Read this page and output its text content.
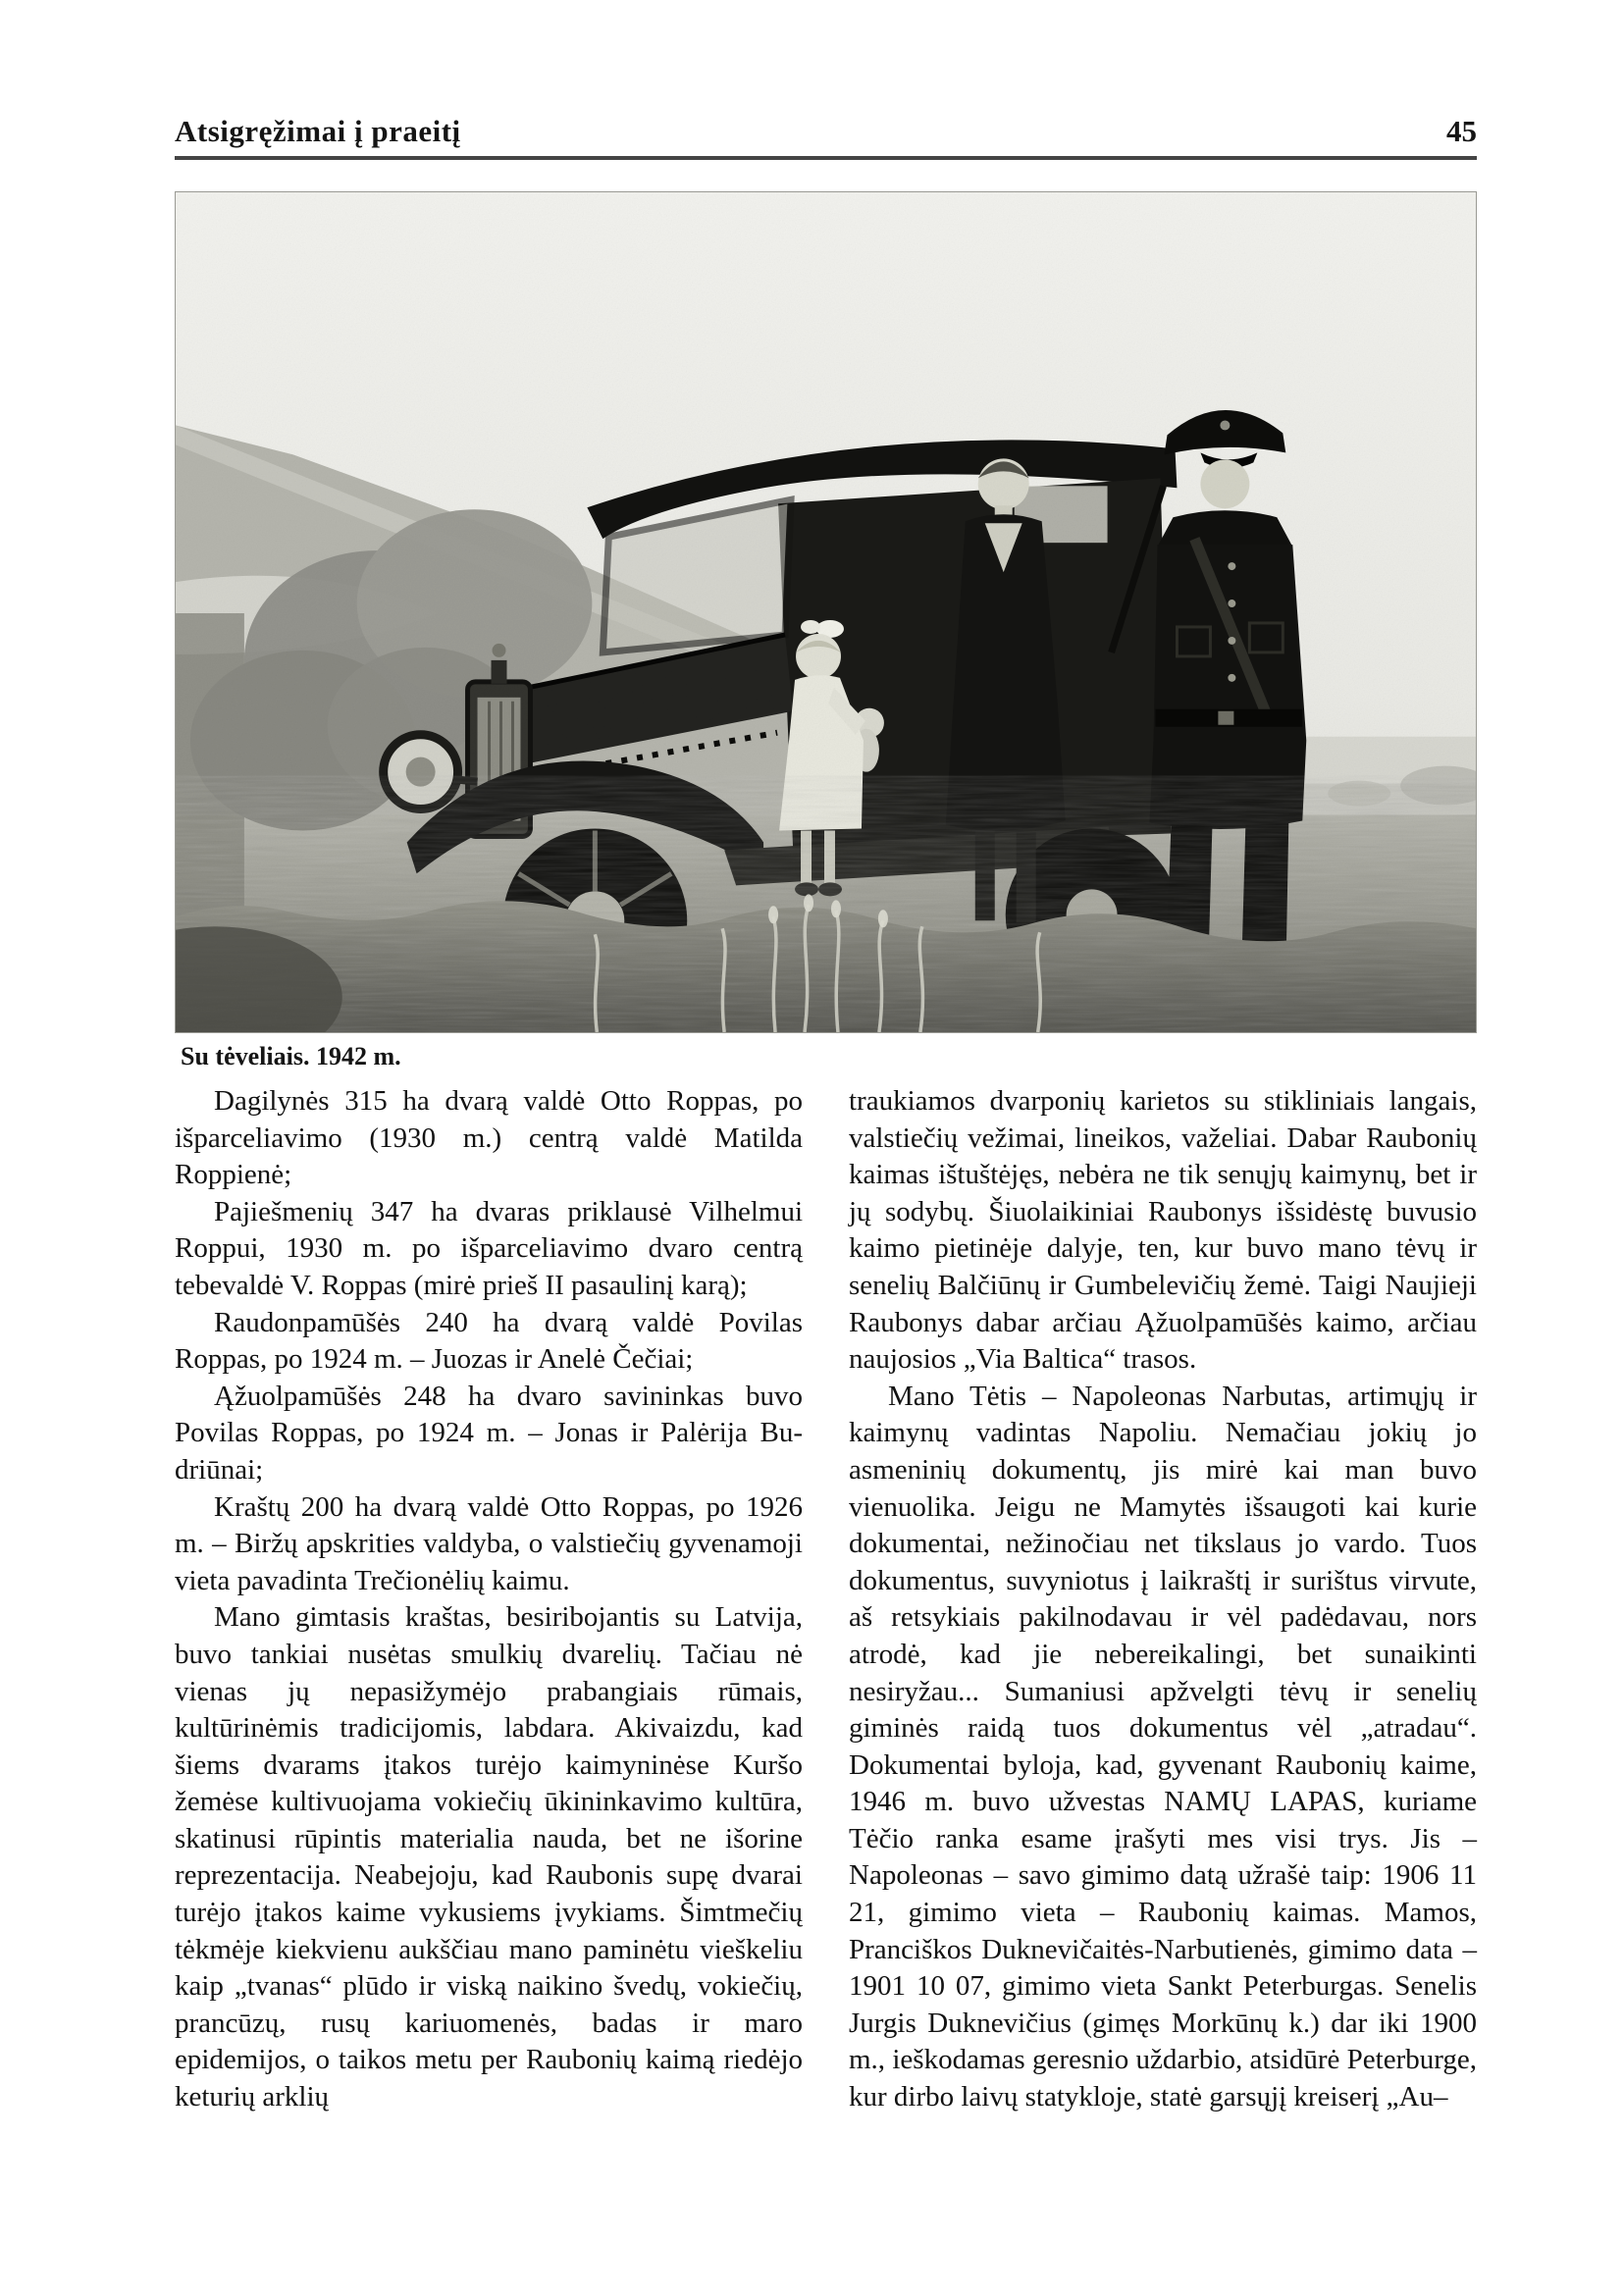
Atsigręžimai į praeitį	45
Su tėveliais. 1942 m.

Dagilynės 315 ha dvarą valdė Otto Roppas, po išparceliavimo (1930 m.) centrą valdė Matilda Roppienė;

Pajiešmenių 347 ha dvaras priklausė Vilhelmui Roppui, 1930 m. po išparceliavimo dvaro centrą tebevaldė V. Roppas (mirė prieš II pasaulinį karą);

Raudonpamūšės 240 ha dvarą valdė Povilas Roppas, po 1924 m. – Juozas ir Anelė Čečiai;

Ąžuolpamūšės 248 ha dvaro savininkas buvo Povilas Roppas, po 1924 m. – Jonas ir Palėrija Bu-driūnai;

Kraštų 200 ha dvarą valdė Otto Roppas, po 1926 m. – Biržų apskrities valdyba, o valstiečių gyvenamoji vieta pavadinta Trečionėlių kaimu.

Mano gimtasis kraštas, besiribojantis su Latvija, buvo tankiai nusėtas smulkių dvarelių. Tačiau nė vienas jų nepasižymėjo prabangiais rūmais, kultūrinėmis tradicijomis, labdara. Akivaizdu, kad šiems dvarams įtakos turėjo kaimyninėse Kuršo žemėse kultivuojama vokiečių ūkininkavimo kultūra, skatinusi rūpintis materialia nauda, bet ne išorine reprezentacija. Neabejoju, kad Raubonis supę dvarai turėjo įtakos kaime vykusiems įvykiams. Šimtmečių tėkmėje kiekvienu aukščiau mano paminėtu vieškeliu kaip „tvanas“ plūdo ir viską naikino švedų, vokiečių, prancūzų, rusų kariuomenės, badas ir maro epidemijos, o taikos metu per Raubonių kaimą riedėjo keturių arklių

traukiamos dvarponių karietos su stikliniais langais, valstiečių vežimai, lineikos, važeliai. Dabar Raubonių kaimas ištuštėjęs, nebėra ne tik senųjų kaimynų, bet ir jų sodybų. Šiuolaikiniai Raubonys išsidėstę buvusio kaimo pietinėje dalyje, ten, kur buvo mano tėvų ir senelių Balčiūnų ir Gumbelevičių žemė. Taigi Naujieji Raubonys dabar arčiau Ąžuolpamūšės kaimo, arčiau naujosios „Via Baltica“ trasos.

Mano Tėtis – Napoleonas Narbutas, artimųjų ir kaimynų vadintas Napoliu. Nemačiau jokių jo asmeninių dokumentų, jis mirė kai man buvo vienuolika. Jeigu ne Mamytės išsaugoti kai kurie dokumentai, nežinočiau net tikslaus jo vardo. Tuos dokumentus, suvyniotus į laikraštį ir surištus virvute, aš retsykiais pakilnodavau ir vėl padėdavau, nors atrodė, kad jie nebereikalingi, bet sunaikinti nesiryžau... Sumaniusi apžvelgti tėvų ir senelių giminės raidą tuos dokumentus vėl „atradau“. Dokumentai byloja, kad, gyvenant Raubonių kaime, 1946 m. buvo užvestas NAMŲ LAPAS, kuriame Tėčio ranka esame įrašyti mes visi trys. Jis – Napoleonas – savo gimimo datą užrašė taip: 1906 11 21, gimimo vieta – Raubonių kaimas. Mamos, Pranciškos Duknevičaitės-Narbutienės, gimimo data – 1901 10 07, gimimo vieta Sankt Peterburgas. Senelis Jurgis Duknevičius (gimęs Morkūnų k.) dar iki 1900 m., ieškodamas geresnio uždarbio, atsidūrė Peterburge, kur dirbo laivų statykloje, statė garsųjį kreiserį „Au–
